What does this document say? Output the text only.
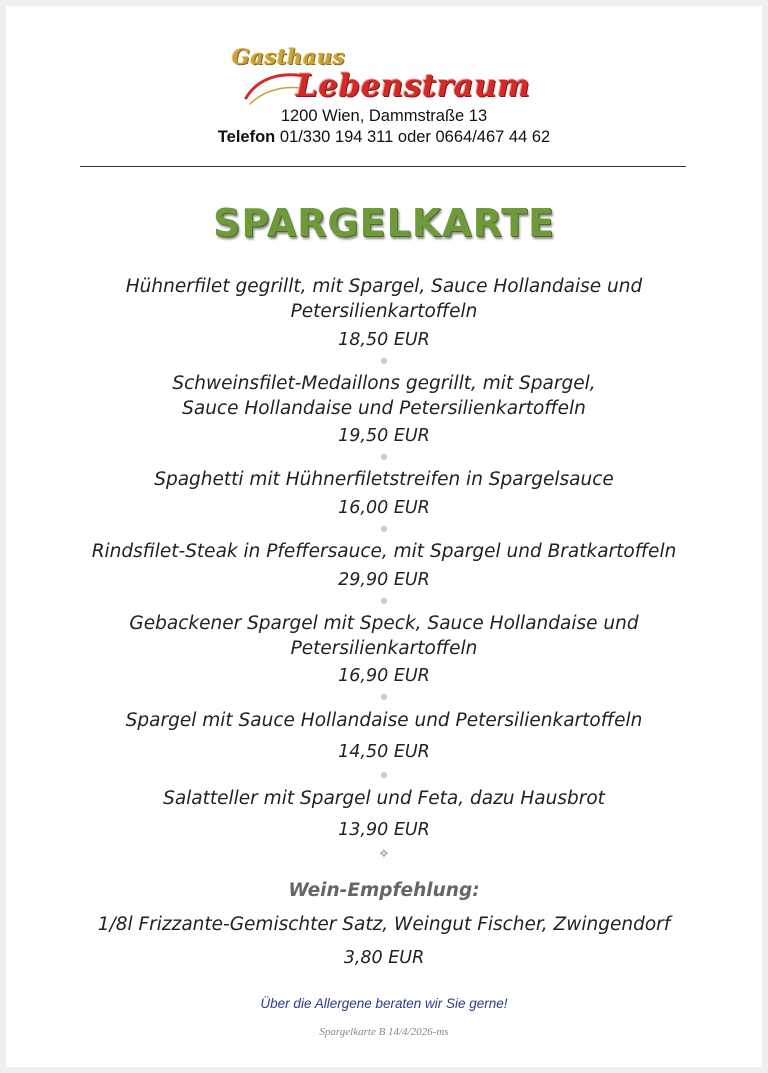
Gasthaus
Lebenstraum
1200 Wien, Dammstraße 13
Telefon 01/330 194 311 oder 0664/467 44 62
SPARGELKARTE
Hühnerfilet gegrillt, mit Spargel, Sauce Hollandaise und
Petersilienkartoffeln
18,50 EUR
Schweinsfilet-Medaillons gegrillt, mit Spargel,
Sauce Hollandaise und Petersilienkartoffeln
19,50 EUR
Spaghetti mit Hühnerfiletstreifen in Spargelsauce
16,00 EUR
Rindsfilet-Steak in Pfeffersauce, mit Spargel und Bratkartoffeln
29,90 EUR
Gebackener Spargel mit Speck, Sauce Hollandaise und
Petersilienkartoffeln
16,90 EUR
Spargel mit Sauce Hollandaise und Petersilienkartoffeln
14,50 EUR
Salatteller mit Spargel und Feta, dazu Hausbrot
13,90 EUR
✧
Wein-Empfehlung:
1/8l Frizzante-Gemischter Satz, Weingut Fischer, Zwingendorf
3,80 EUR
Über die Allergene beraten wir Sie gerne!
Spargelkarte B 14/4/2026-ms
